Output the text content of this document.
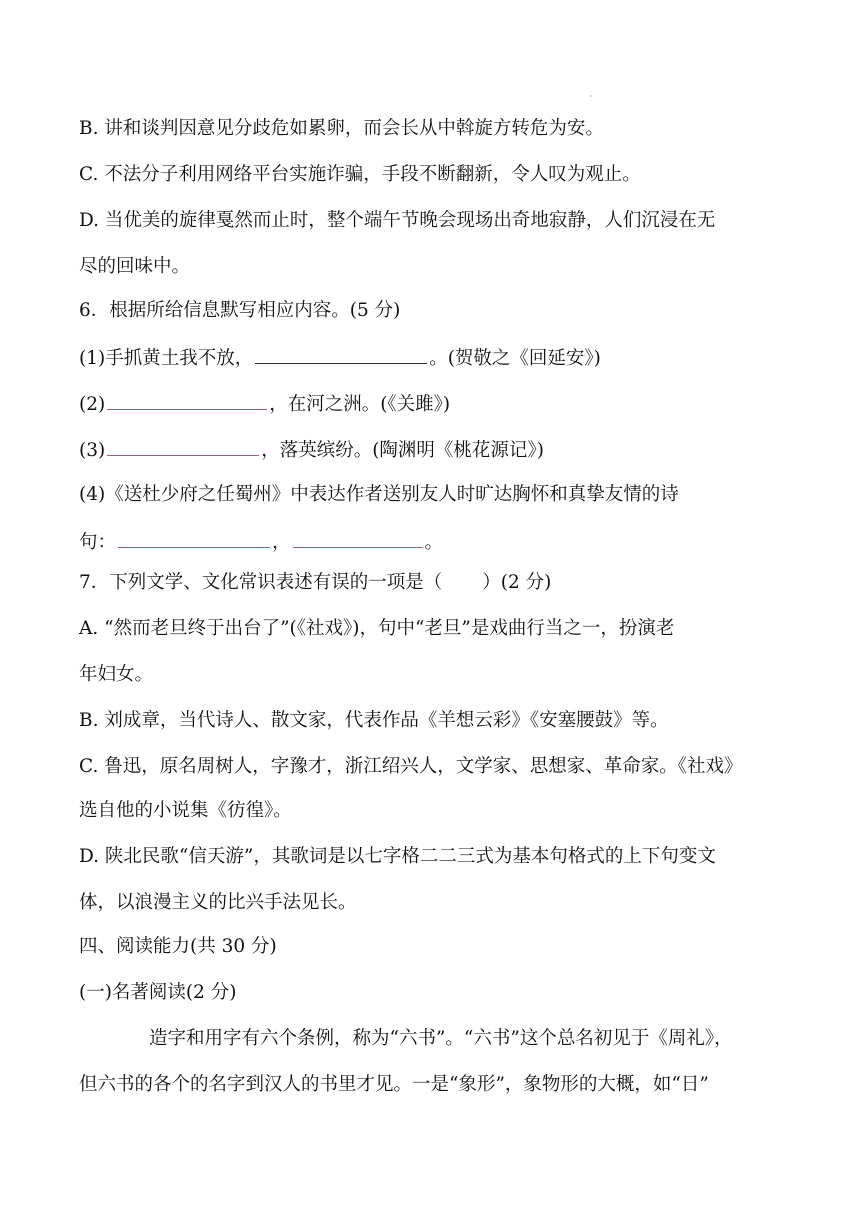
B. 讲和谈判因意见分歧危如累卵，而会长从中斡旋方转危为安。
C. 不法分子利用网络平台实施诈骗，手段不断翻新，令人叹为观止。
D. 当优美的旋律戛然而止时，整个端午节晚会现场出奇地寂静，人们沉浸在无
尽的回味中。
6．根据所给信息默写相应内容。(5 分)
(1)手抓黄土我不放，	。(贺敬之《回延安》)
(2)	，在河之洲。(《关雎》)
(3)	，落英缤纷。(陶渊明《桃花源记》)
(4)《送杜少府之任蜀州》中表达作者送别友人时旷达胸怀和真挚友情的诗
句：	，	。
7．下列文学、文化常识表述有误的一项是（ ）(2 分)
A. “然而老旦终于出台了”(《社戏》)，句中“老旦”是戏曲行当之一，扮演老
年妇女。
B. 刘成章，当代诗人、散文家，代表作品《羊想云彩》《安塞腰鼓》等。
C. 鲁迅，原名周树人，字豫才，浙江绍兴人，文学家、思想家、革命家。《社戏》
选自他的小说集《彷徨》。
D. 陕北民歌“信天游”，其歌词是以七字格二二三式为基本句格式的上下句变文
体，以浪漫主义的比兴手法见长。
四、阅读能力(共 30 分)
(一)名著阅读(2 分)
造字和用字有六个条例，称为“六书”。“六书”这个总名初见于《周礼》，
但六书的各个的名字到汉人的书里才见。一是“象形”，象物形的大概，如“日”
